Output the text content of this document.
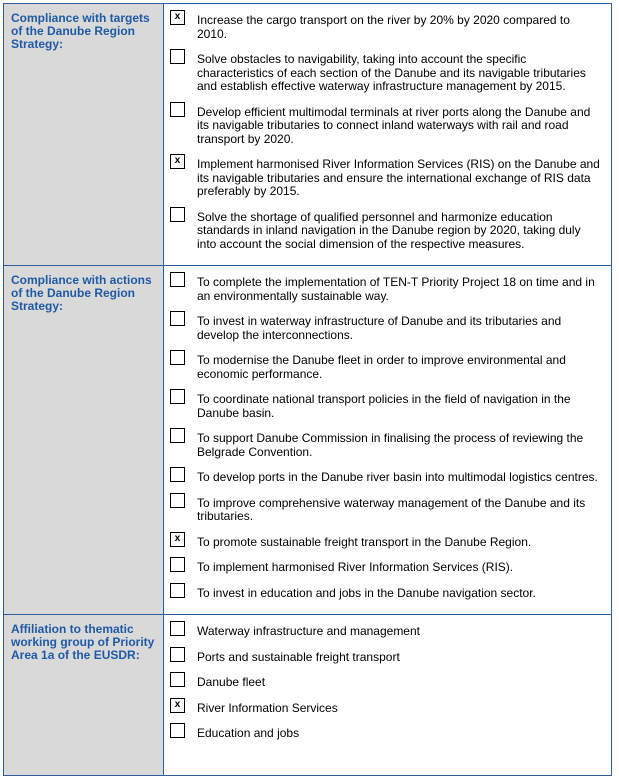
Compliance with targets of the Danube Region Strategy:

x	Increase the cargo transport on the river by 20% by 2020 compared to 2010.
Solve obstacles to navigability, taking into account the specific characteristics of each section of the Danube and its navigable tributaries and establish effective waterway infrastructure management by 2015.
Develop efficient multimodal terminals at river ports along the Danube and its navigable tributaries to connect inland waterways with rail and road transport by 2020.
x	Implement harmonised River Information Services (RIS) on the Danube and its navigable tributaries and ensure the international exchange of RIS data preferably by 2015.
Solve the shortage of qualified personnel and harmonize education standards in inland navigation in the Danube region by 2020, taking duly into account the social dimension of the respective measures.

Compliance with actions of the Danube Region Strategy:

To complete the implementation of TEN-T Priority Project 18 on time and in an environmentally sustainable way.
To invest in waterway infrastructure of Danube and its tributaries and develop the interconnections.
To modernise the Danube fleet in order to improve environmental and economic performance.
To coordinate national transport policies in the field of navigation in the Danube basin.
To support Danube Commission in finalising the process of reviewing the Belgrade Convention.
To develop ports in the Danube river basin into multimodal logistics centres.
To improve comprehensive waterway management of the Danube and its tributaries.
x	To promote sustainable freight transport in the Danube Region.
To implement harmonised River Information Services (RIS).
To invest in education and jobs in the Danube navigation sector.

Affiliation to thematic working group of Priority Area 1a of the EUSDR:

Waterway infrastructure and management
Ports and sustainable freight transport
Danube fleet
x	River Information Services
Education and jobs
